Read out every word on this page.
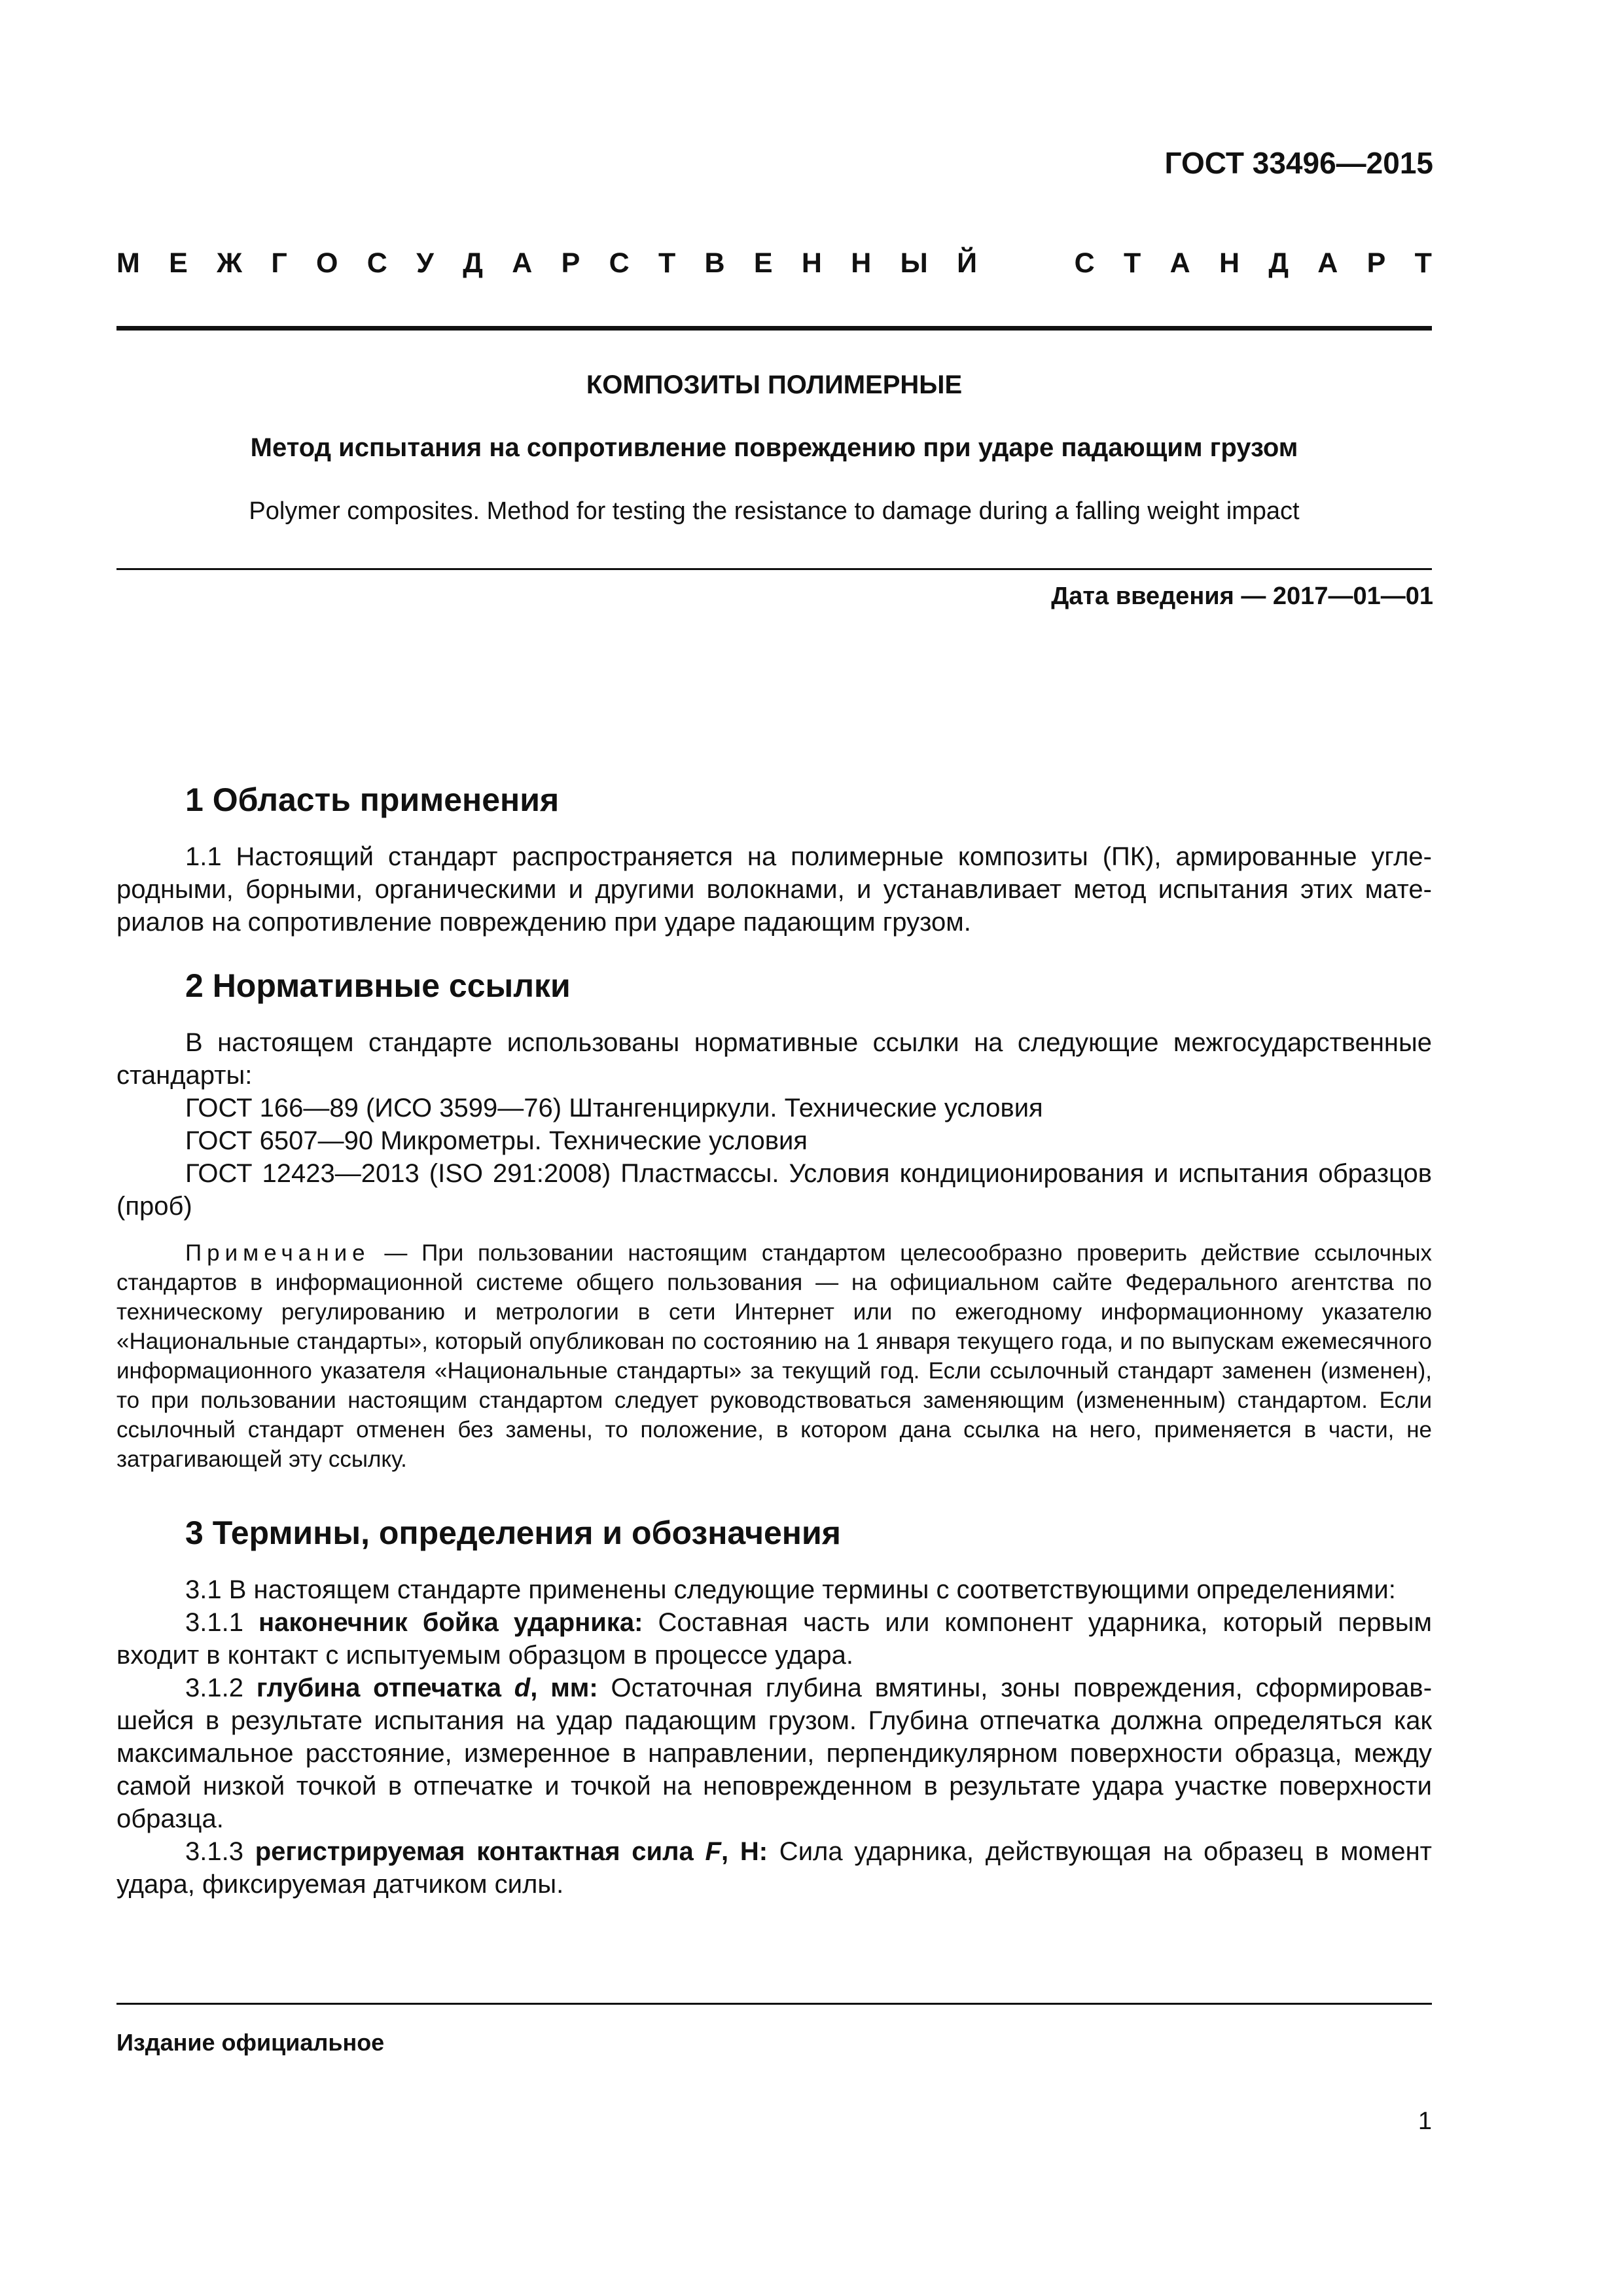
ГОСТ 33496—2015
М Е Ж Г О С У Д А Р С Т В Е Н Н Ы Й	С Т А Н Д А Р Т
КОМПОЗИТЫ ПОЛИМЕРНЫЕ
Метод испытания на сопротивление повреждению при ударе падающим грузом
Polymer composites. Method for testing the resistance to damage during a falling weight impact
Дата введения — 2017—01—01
1 Область применения

1.1 Настоящий стандарт распространяется на полимерные композиты (ПК), армированные углеродными, борными, органическими и другими волокнами, и устанавливает метод испытания этих материалов на сопротивление повреждению при ударе падающим грузом.

2 Нормативные ссылки

В настоящем стандарте использованы нормативные ссылки на следующие межгосударственные стандарты:

ГОСТ 166—89 (ИСО 3599—76) Штангенциркули. Технические условия

ГОСТ 6507—90 Микрометры. Технические условия

ГОСТ 12423—2013 (ISO 291:2008) Пластмассы. Условия кондиционирования и испытания образцов (проб)

Примечание — При пользовании настоящим стандартом целесообразно проверить действие ссылочных стандартов в информационной системе общего пользования — на официальном сайте Федерального агентства по техническому регулированию и метрологии в сети Интернет или по ежегодному информационному указателю «Национальные стандарты», который опубликован по состоянию на 1 января текущего года, и по выпускам ежемесячного информационного указателя «Национальные стандарты» за текущий год. Если ссылочный стандарт заменен (изменен), то при пользовании настоящим стандартом следует руководствоваться заменяющим (измененным) стандартом. Если ссылочный стандарт отменен без замены, то положение, в котором дана ссылка на него, применяется в части, не затрагивающей эту ссылку.
3 Термины, определения и обозначения

3.1 В настоящем стандарте применены следующие термины с соответствующими определениями:

3.1.1 наконечник бойка ударника: Составная часть или компонент ударника, который первым входит в контакт с испытуемым образцом в процессе удара.

3.1.2 глубина отпечатка d, мм: Остаточная глубина вмятины, зоны повреждения, сформировавшейся в результате испытания на удар падающим грузом. Глубина отпечатка должна определяться как максимальное расстояние, измеренное в направлении, перпендикулярном поверхности образца, между самой низкой точкой в отпечатке и точкой на неповрежденном в результате удара участке поверхности образца.

3.1.3 регистрируемая контактная сила F, Н: Сила ударника, действующая на образец в момент удара, фиксируемая датчиком силы.

Издание официальное
1
